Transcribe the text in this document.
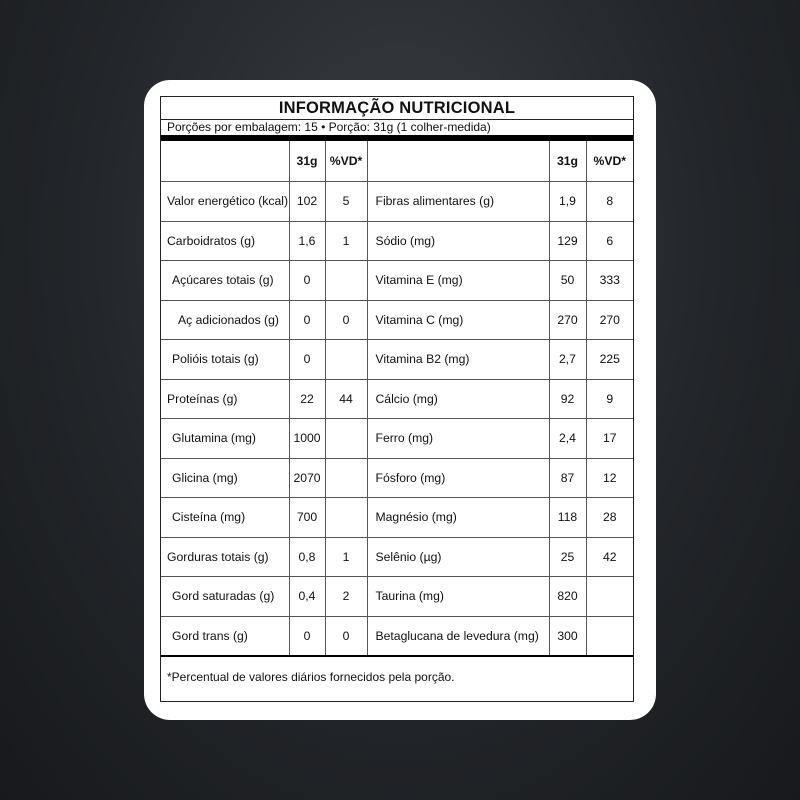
INFORMAÇÃO NUTRICIONAL
Porções por embalagem: 15 • Porção: 31g (1 colher-medida)
	31g	%VD*		31g	%VD*
Valor energético (kcal)	102	5	Fibras alimentares (g)	1,9	8
Carboidratos (g)	1,6	1	Sódio (mg)	129	6
Açúcares totais (g)	0		Vitamina E (mg)	50	333
Aç adicionados (g)	0	0	Vitamina C (mg)	270	270
Polióis totais (g)	0		Vitamina B2 (mg)	2,7	225
Proteínas (g)	22	44	Cálcio (mg)	92	9
Glutamina (mg)	1000		Ferro (mg)	2,4	17
Glicina (mg)	2070		Fósforo (mg)	87	12
Cisteína (mg)	700		Magnésio (mg)	118	28
Gorduras totais (g)	0,8	1	Selênio (µg)	25	42
Gord saturadas (g)	0,4	2	Taurina (mg)	820	
Gord trans (g)	0	0	Betaglucana de levedura (mg)	300	
*Percentual de valores diários fornecidos pela porção.
